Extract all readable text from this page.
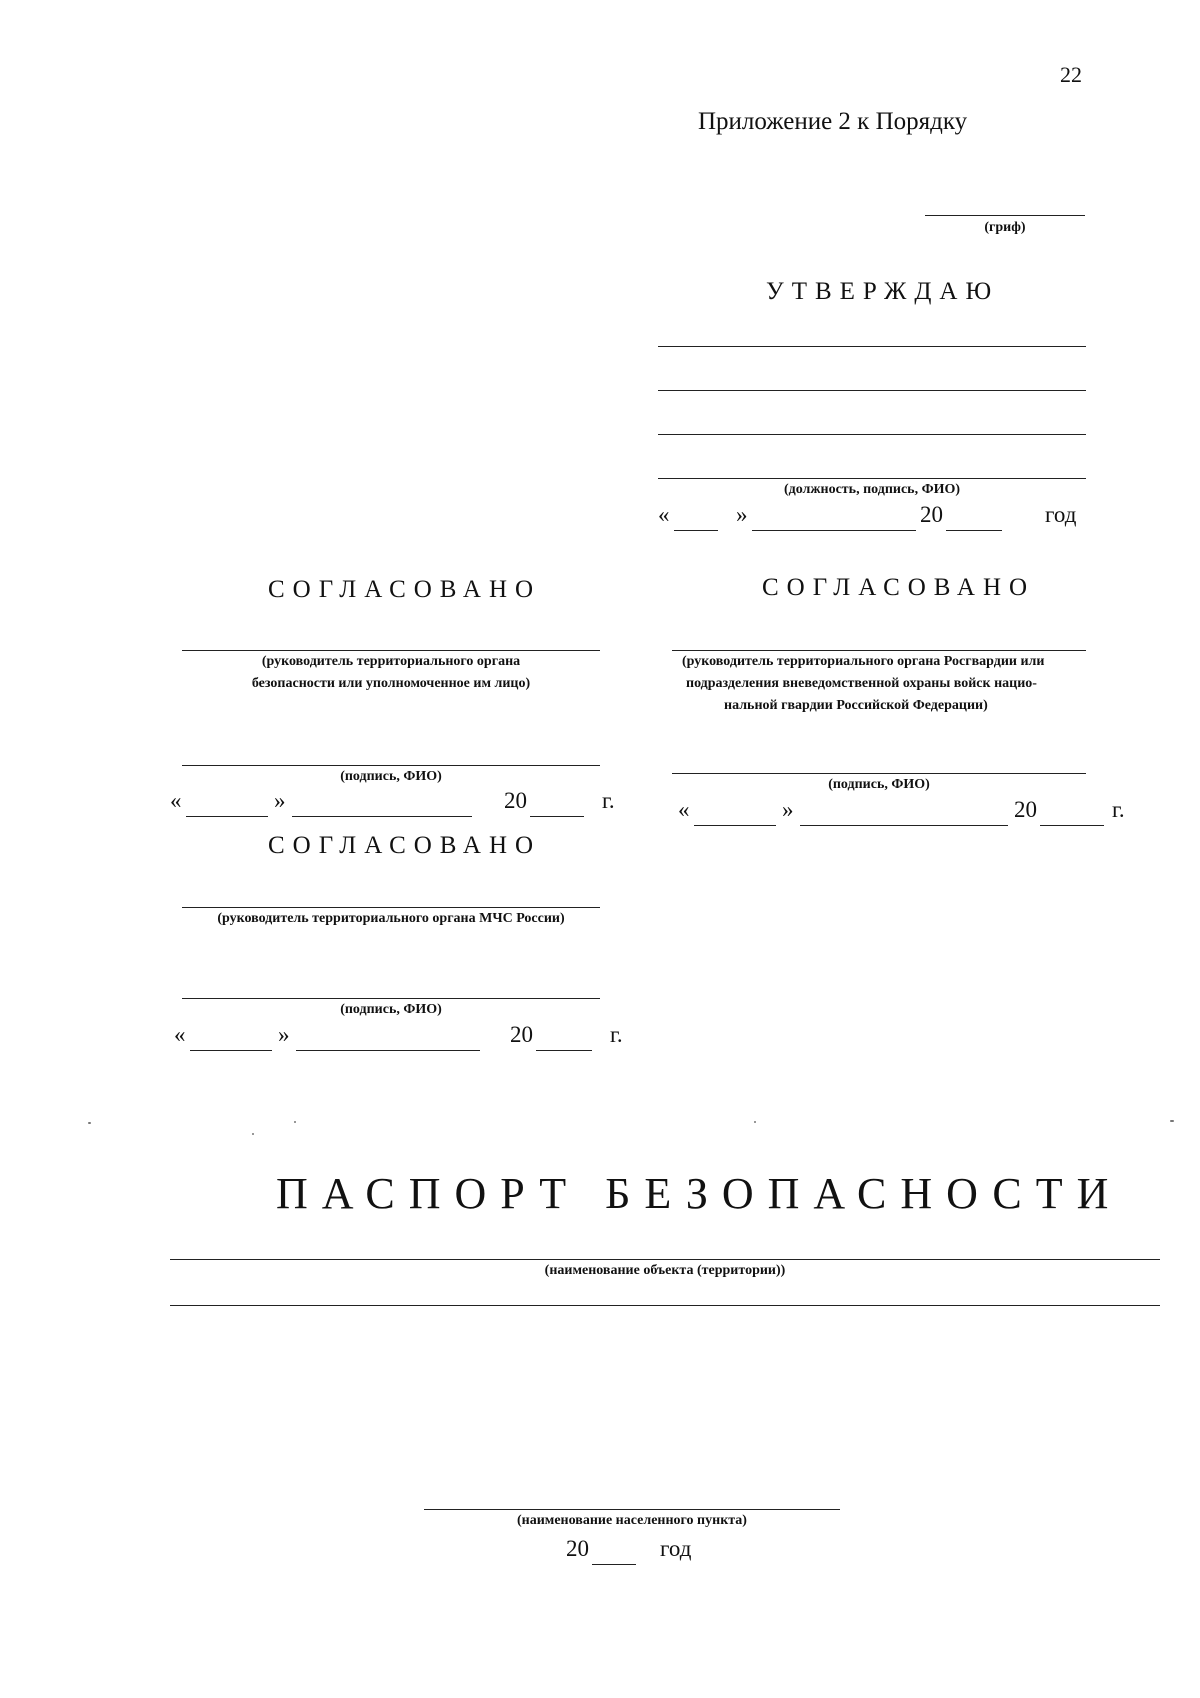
22
Приложение 2 к Порядку
(гриф)
УТВЕРЖДАЮ
(должность, подпись, ФИО)
«	»	20	год
СОГЛАСОВАНО
(руководитель территориального органа
безопасности или уполномоченное им лицо)
(подпись, ФИО)
«	»	20	г.
СОГЛАСОВАНО
(руководитель территориального органа Росгвардии или
подразделения вневедомственной охраны войск нацио-
нальной гвардии Российской Федерации)
(подпись, ФИО)
«	»	20	г.
СОГЛАСОВАНО
(руководитель территориального органа МЧС России)
(подпись, ФИО)
«	»	20	г.
ПАСПОРТ БЕЗОПАСНОСТИ
(наименование объекта (территории))
(наименование населенного пункта)
20	год
